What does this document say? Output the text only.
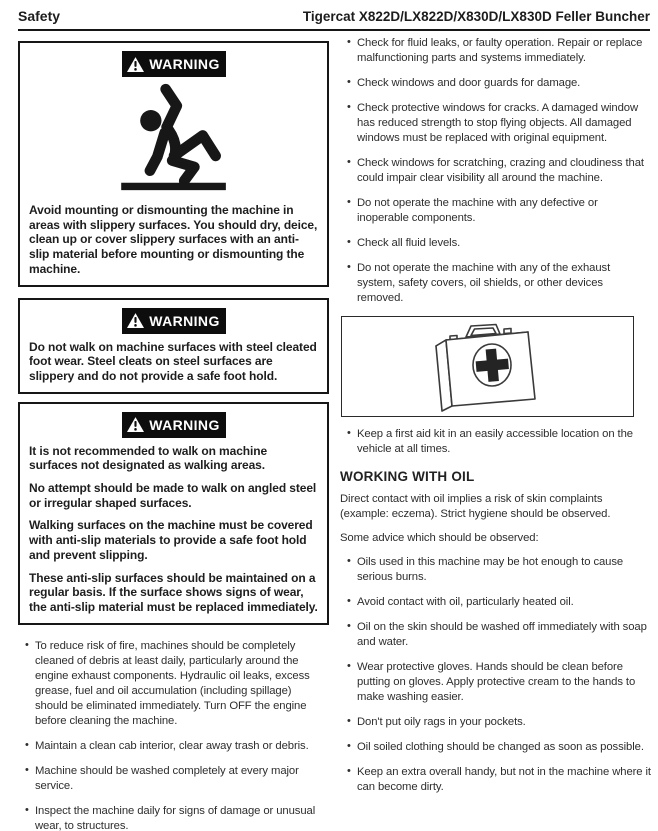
Safety	Tigercat X822D/LX822D/X830D/LX830D Feller Buncher
WARNING
Avoid mounting or dismounting the machine in areas with slippery surfaces. You should dry, deice, clean up or cover slippery surfaces with an anti-slip material before mounting or dismounting the machine.
WARNING
Do not walk on machine surfaces with steel cleated foot wear. Steel cleats on steel surfaces are slippery and do not provide a safe foot hold.
WARNING

It is not recommended to walk on machine surfaces not designated as walking areas.

No attempt should be made to walk on angled steel or irregular shaped surfaces.

Walking surfaces on the machine must be covered with anti-slip materials to provide a safe foot hold and prevent slipping.

These anti-slip surfaces should be maintained on a regular basis. If the surface shows signs of wear, the anti-slip material must be replaced immediately.

• To reduce risk of fire, machines should be completely cleaned of debris at least daily, particularly around the engine exhaust components. Hydraulic oil leaks, excess grease, fuel and oil accumulation (including spillage) should be eliminated immediately. Turn OFF the engine before cleaning the machine.
• Maintain a clean cab interior, clear away trash or debris.
• Machine should be washed completely at every major service.
• Inspect the machine daily for signs of damage or unusual wear, to structures.
• Check for fluid leaks, or faulty operation. Repair or replace malfunctioning parts and systems immediately.
• Check windows and door guards for damage.
• Check protective windows for cracks. A damaged window has reduced strength to stop flying objects. All damaged windows must be replaced with original equipment.
• Check windows for scratching, crazing and cloudiness that could impair clear visibility all around the machine.
• Do not operate the machine with any defective or inoperable components.
• Check all fluid levels.
• Do not operate the machine with any of the exhaust system, safety covers, oil shields, or other devices removed.
• Keep a first aid kit in an easily accessible location on the vehicle at all times.
WORKING WITH OIL

Direct contact with oil implies a risk of skin complaints (example: eczema). Strict hygiene should be observed.

Some advice which should be observed:

• Oils used in this machine may be hot enough to cause serious burns.
• Avoid contact with oil, particularly heated oil.
• Oil on the skin should be washed off immediately with soap and water.
• Wear protective gloves. Hands should be clean before putting on gloves. Apply protective cream to the hands to make washing easier.
• Don't put oily rags in your pockets.
• Oil soiled clothing should be changed as soon as possible.
• Keep an extra overall handy, but not in the machine where it can become dirty.
